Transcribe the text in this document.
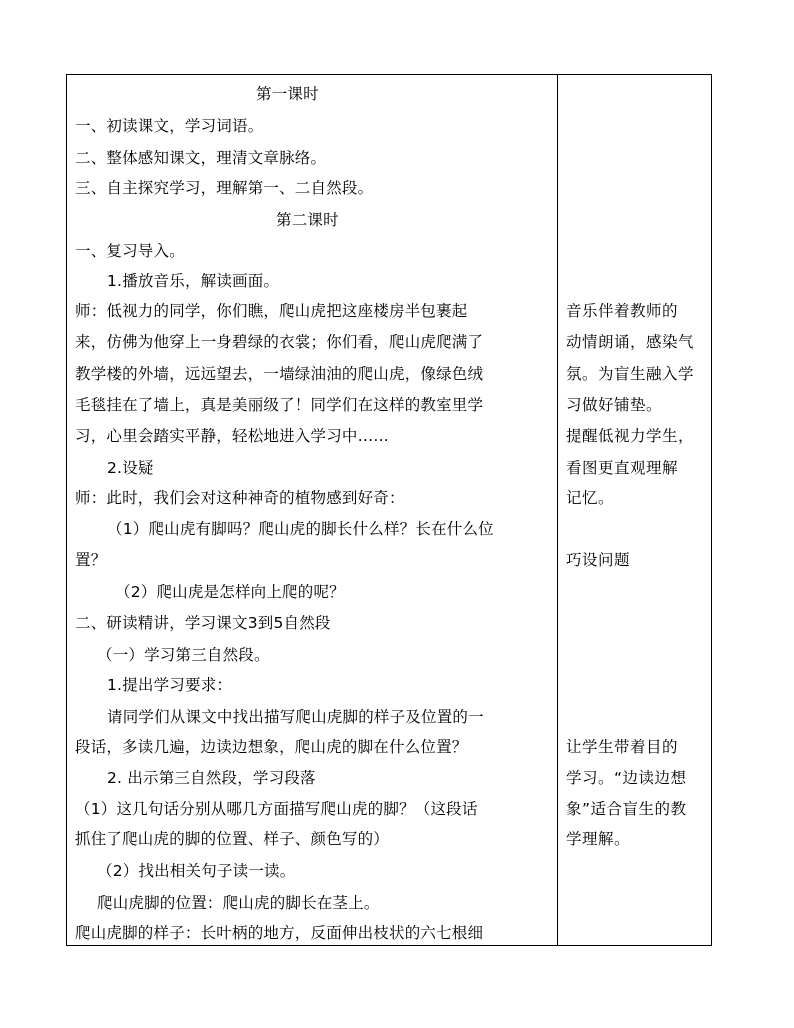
第一课时
一、初读课文，学习词语。
二、整体感知课文，理清文章脉络。
三、自主探究学习，理解第一、二自然段。
第二课时
一、复习导入。
1.播放音乐，解读画面。
师：低视力的同学，你们瞧，爬山虎把这座楼房半包裹起
来，仿佛为他穿上一身碧绿的衣裳；你们看，爬山虎爬满了
教学楼的外墙，远远望去，一墙绿油油的爬山虎，像绿色绒
毛毯挂在了墙上，真是美丽级了！同学们在这样的教室里学
习，心里会踏实平静，轻松地进入学习中……
2.设疑
师：此时，我们会对这种神奇的植物感到好奇：
（1）爬山虎有脚吗？爬山虎的脚长什么样？长在什么位
置？
（2）爬山虎是怎样向上爬的呢？
二、研读精讲，学习课文3到5自然段
（一）学习第三自然段。
1.提出学习要求：
请同学们从课文中找出描写爬山虎脚的样子及位置的一
段话，多读几遍，边读边想象，爬山虎的脚在什么位置？
2. 出示第三自然段，学习段落
（1）这几句话分别从哪几方面描写爬山虎的脚？（这段话
抓住了爬山虎的脚的位置、样子、颜色写的）
（2）找出相关句子读一读。
爬山虎脚的位置：爬山虎的脚长在茎上。
爬山虎脚的样子：长叶柄的地方，反面伸出枝状的六七根细
音乐伴着教师的
动情朗诵，感染气
氛。为盲生融入学
习做好铺垫。
提醒低视力学生，
看图更直观理解
记忆。
巧设问题
让学生带着目的
学习。“边读边想
象”适合盲生的教
学理解。
